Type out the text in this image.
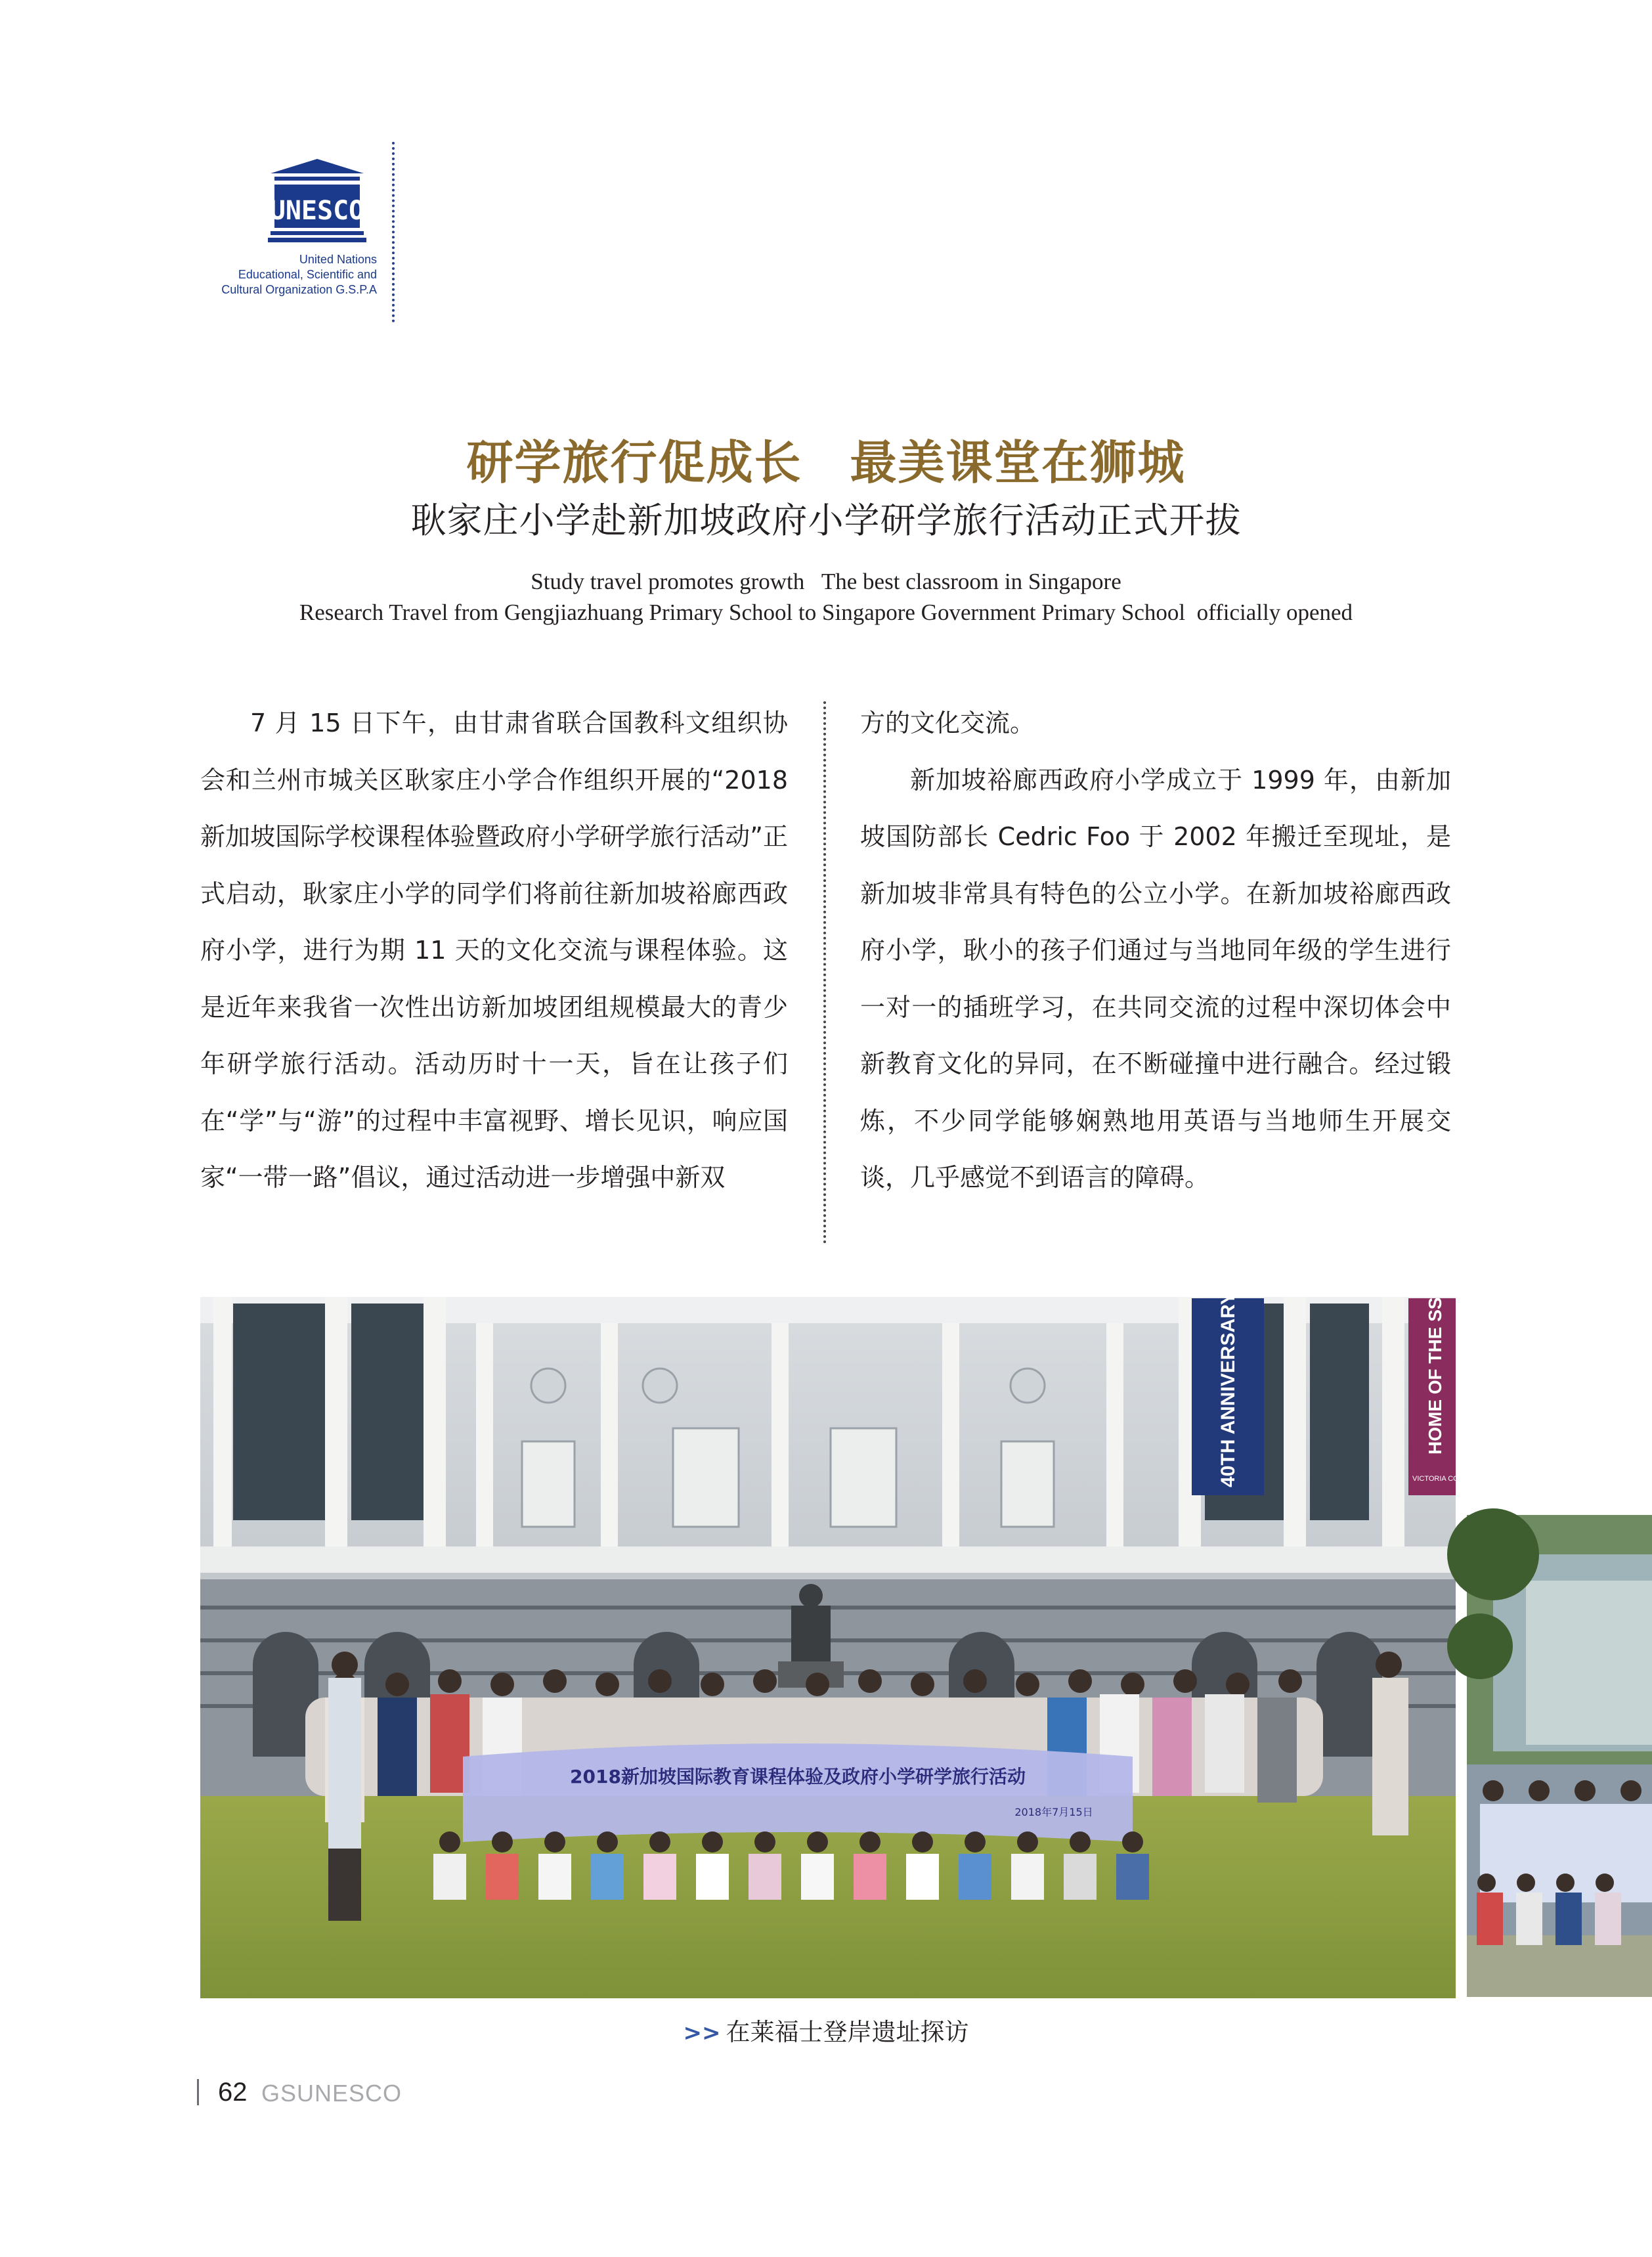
UNESCO
United Nations
Educational, Scientific and
Cultural Organization G.S.P.A
研学旅行促成长　最美课堂在狮城
耿家庄小学赴新加坡政府小学研学旅行活动正式开拔
Study travel promotes growth   The best classroom in Singapore
Research Travel from Gengjiazhuang Primary School to Singapore Government Primary School  officially opened

7 月 15 日下午，由甘肃省联合国教科文组织协会和兰州市城关区耿家庄小学合作组织开展的“2018 新加坡国际学校课程体验暨政府小学研学旅行活动”正式启动，耿家庄小学的同学们将前往新加坡裕廊西政府小学，进行为期 11 天的文化交流与课程体验。这是近年来我省一次性出访新加坡团组规模最大的青少年研学旅行活动。活动历时十一天，旨在让孩子们在“学”与“游”的过程中丰富视野、增长见识，响应国家“一带一路”倡议，通过活动进一步增强中新双

方的文化交流。

新加坡裕廊西政府小学成立于 1999 年，由新加坡国防部长 Cedric Foo 于 2002 年搬迁至现址，是新加坡非常具有特色的公立小学。在新加坡裕廊西政府小学，耿小的孩子们通过与当地同年级的学生进行一对一的插班学习，在共同交流的过程中深切体会中新教育文化的异同，在不断碰撞中进行融合。经过锻炼，不少同学能够娴熟地用英语与当地师生开展交谈，几乎感觉不到语言的障碍。 40TH ANNIVERSARY SEASON 18/19	HOME OF THE SSO
VICTORIA CONCERT HALL
2018新加坡国际教育课程体验及政府小学研学旅行活动
2018年7月15日
>> 在莱福士登岸遗址探访
62 GSUNESCO
